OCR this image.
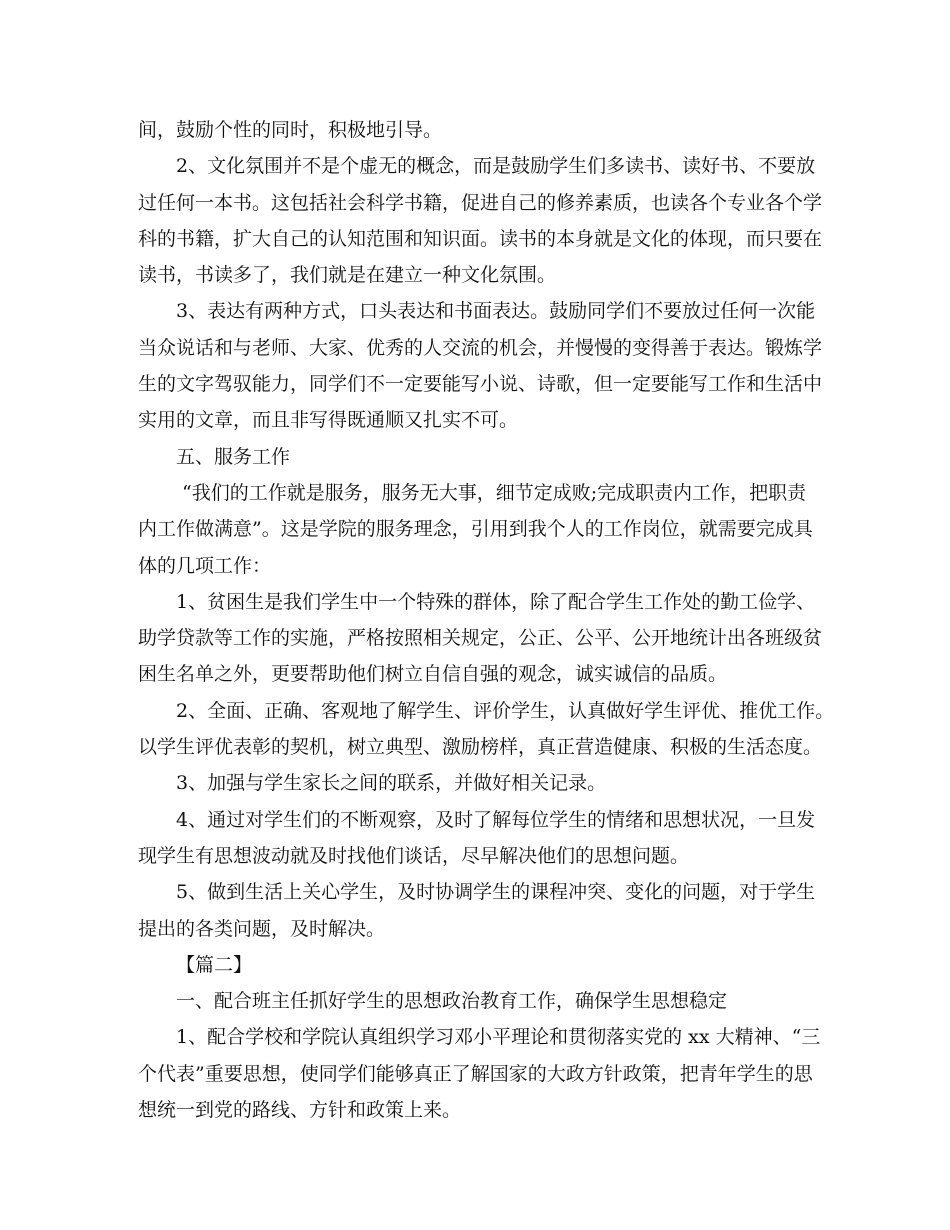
间，鼓励个性的同时，积极地引导。
2、文化氛围并不是个虚无的概念，而是鼓励学生们多读书、读好书、不要放
过任何一本书。这包括社会科学书籍，促进自己的修养素质，也读各个专业各个学
科的书籍，扩大自己的认知范围和知识面。读书的本身就是文化的体现，而只要在
读书，书读多了，我们就是在建立一种文化氛围。
3、表达有两种方式，口头表达和书面表达。鼓励同学们不要放过任何一次能
当众说话和与老师、大家、优秀的人交流的机会，并慢慢的变得善于表达。锻炼学
生的文字驾驭能力，同学们不一定要能写小说、诗歌，但一定要能写工作和生活中
实用的文章，而且非写得既通顺又扎实不可。
五、服务工作
“我们的工作就是服务，服务无大事，细节定成败;完成职责内工作，把职责
内工作做满意”。这是学院的服务理念，引用到我个人的工作岗位，就需要完成具
体的几项工作：
1、贫困生是我们学生中一个特殊的群体，除了配合学生工作处的勤工俭学、
助学贷款等工作的实施，严格按照相关规定，公正、公平、公开地统计出各班级贫
困生名单之外，更要帮助他们树立自信自强的观念，诚实诚信的品质。
2、全面、正确、客观地了解学生、评价学生，认真做好学生评优、推优工作。
以学生评优表彰的契机，树立典型、激励榜样，真正营造健康、积极的生活态度。
3、加强与学生家长之间的联系，并做好相关记录。
4、通过对学生们的不断观察，及时了解每位学生的情绪和思想状况，一旦发
现学生有思想波动就及时找他们谈话，尽早解决他们的思想问题。
5、做到生活上关心学生，及时协调学生的课程冲突、变化的问题，对于学生
提出的各类问题，及时解决。
【篇二】
一、配合班主任抓好学生的思想政治教育工作，确保学生思想稳定
1、配合学校和学院认真组织学习邓小平理论和贯彻落实党的 xx 大精神、“三
个代表”重要思想，使同学们能够真正了解国家的大政方针政策，把青年学生的思
想统一到党的路线、方针和政策上来。
